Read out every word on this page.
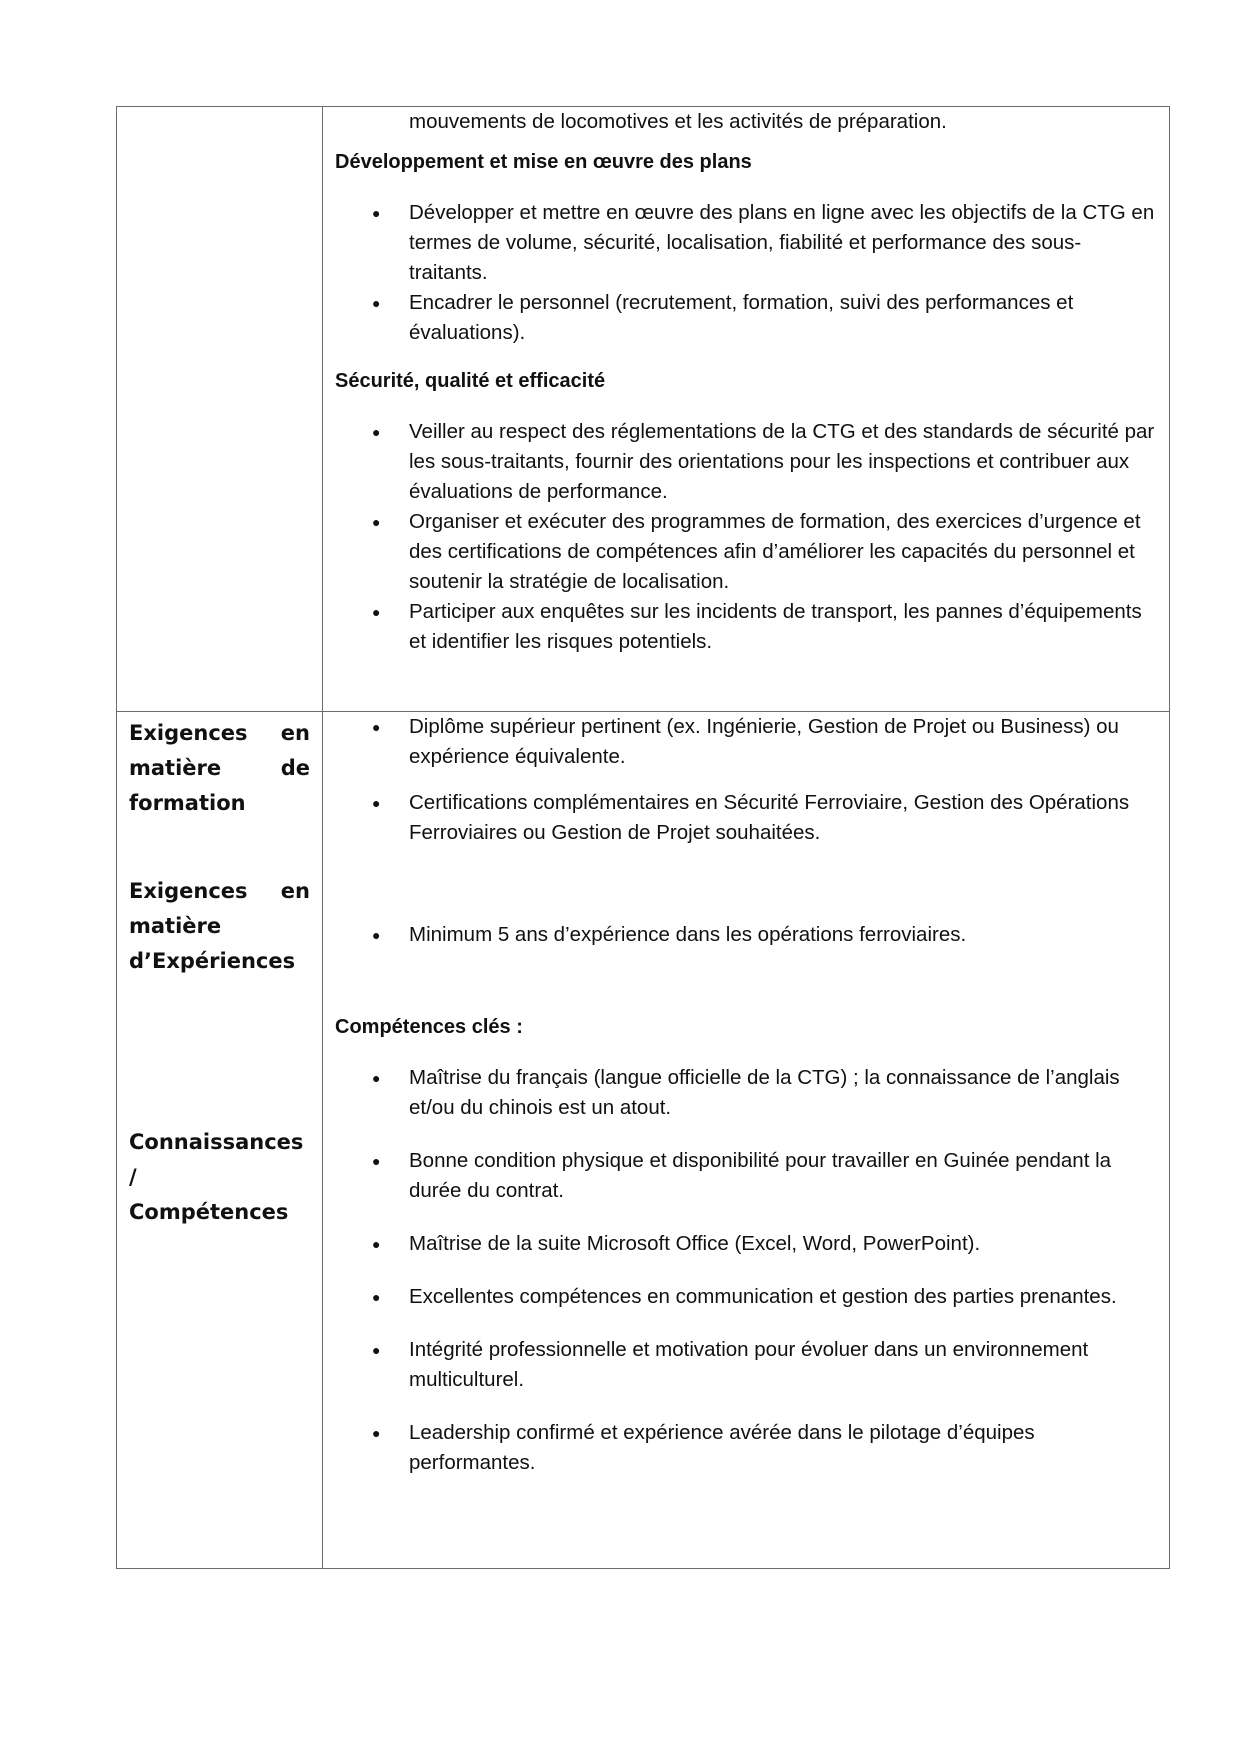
mouvements de locomotives et les activités de préparation.

Développement et mise en œuvre des plans

● Développer et mettre en œuvre des plans en ligne avec les objectifs de la CTG en termes de volume, sécurité, localisation, fiabilité et performance des sous-traitants.
● Encadrer le personnel (recrutement, formation, suivi des performances et évaluations).

Sécurité, qualité et efficacité

● Veiller au respect des réglementations de la CTG et des standards de sécurité par les sous-traitants, fournir des orientations pour les inspections et contribuer aux évaluations de performance.
● Organiser et exécuter des programmes de formation, des exercices d’urgence et des certifications de compétences afin d’améliorer les capacités du personnel et soutenir la stratégie de localisation.
● Participer aux enquêtes sur les incidents de transport, les pannes d’équipements et identifier les risques potentiels.
Exigences en
matière de
formation
Exigences en
matière
d’Expériences
Connaissances /
Compétences
● Diplôme supérieur pertinent (ex. Ingénierie, Gestion de Projet ou Business) ou expérience équivalente.
● Certifications complémentaires en Sécurité Ferroviaire, Gestion des Opérations Ferroviaires ou Gestion de Projet souhaitées.
● Minimum 5 ans d’expérience dans les opérations ferroviaires.

Compétences clés :

● Maîtrise du français (langue officielle de la CTG) ; la connaissance de l’anglais et/ou du chinois est un atout.
● Bonne condition physique et disponibilité pour travailler en Guinée pendant la durée du contrat.
● Maîtrise de la suite Microsoft Office (Excel, Word, PowerPoint).
● Excellentes compétences en communication et gestion des parties prenantes.
● Intégrité professionnelle et motivation pour évoluer dans un environnement multiculturel.
● Leadership confirmé et expérience avérée dans le pilotage d’équipes performantes.
